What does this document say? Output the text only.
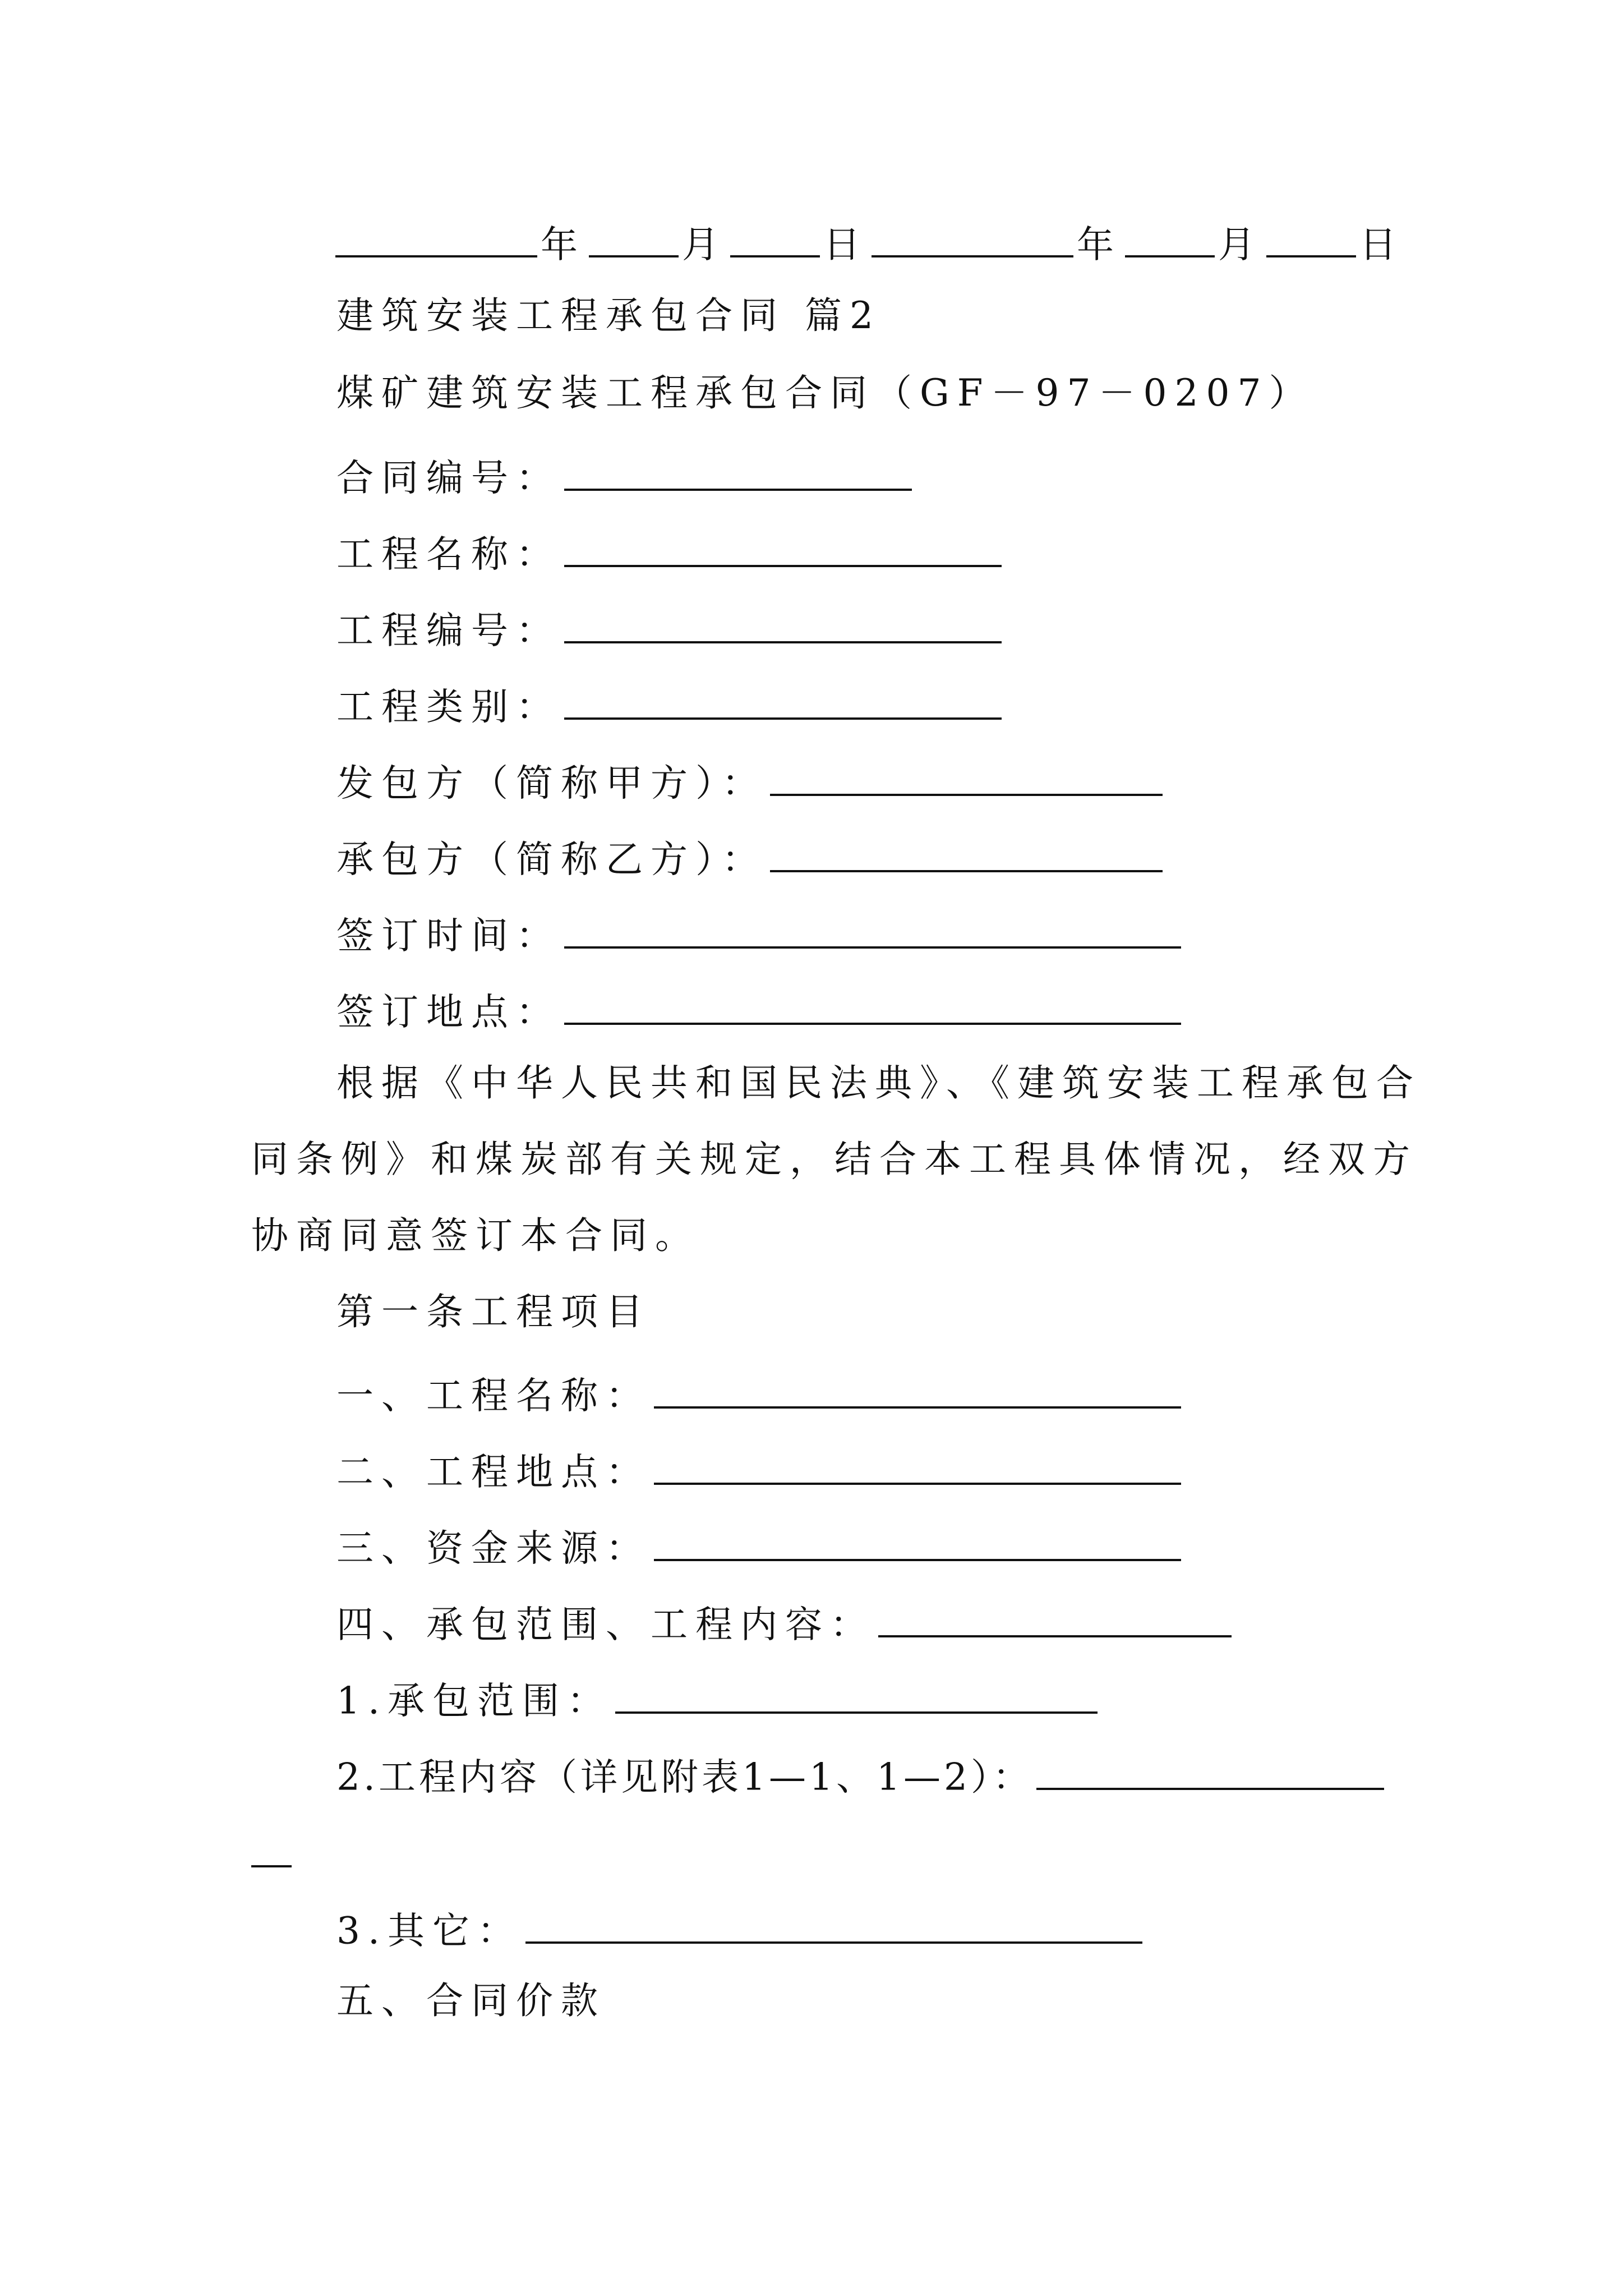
年	月	日	年	月	日
建筑安装工程承包合同 篇2
煤矿建筑安装工程承包合同（GF－97－0207）
合同编号：
工程名称：
工程编号：
工程类别：
发包方（简称甲方）：
承包方（简称乙方）：
签订时间：
签订地点：
根据《中华人民共和国民法典》、《建筑安装工程承包合
同条例》和煤炭部有关规定，结合本工程具体情况，经双方
协商同意签订本合同。
第一条工程项目
一、工程名称：
二、工程地点：
三、资金来源：
四、承包范围、工程内容：
1.承包范围：
2.工程内容（详见附表1—1、1—2）：
3.其它：
五、合同价款
